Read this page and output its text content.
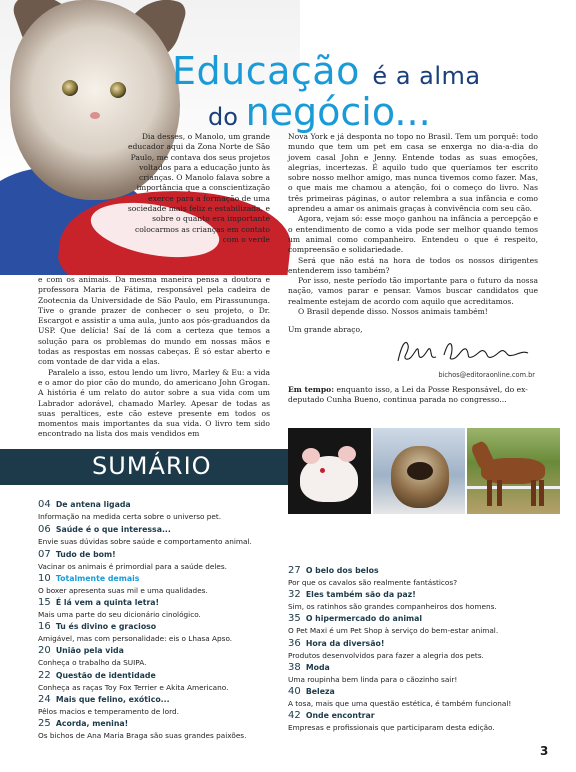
Educação é a alma
do negócio...
Dia desses, o Manolo, um grande educador aqui da Zona Norte de São Paulo, me contava dos seus projetos voltados para a educação junto às crianças. O Manolo falava sobre a importância que a conscientização exerce para a formação de uma sociedade mais feliz e estabilizada, e sobre o quanto era importante colocarmos as crianças em contato com o verde
e com os animais. Da mesma maneira pensa a doutora e professora Maria de Fátima, responsável pela cadeira de Zootecnia da Universidade de São Paulo, em Pirassununga. Tive o grande prazer de conhecer o seu projeto, o Dr. Escargot e assistir a uma aula, junto aos pós-graduandos da USP. Que delícia! Saí de lá com a certeza que temos a solução para os problemas do mundo em nossas mãos e todas as respostas em nossas cabeças. É só estar aberto e com vontade de dar vida a elas.
Paralelo a isso, estou lendo um livro, Marley & Eu: a vida e o amor do pior cão do mundo, do americano John Grogan. A história é um relato do autor sobre a sua vida com um Labrador adorável, chamado Marley. Apesar de todas as suas peraltices, este cão esteve presente em todos os momentos mais importantes da sua vida. O livro tem sido encontrado na lista dos mais vendidos em
Nova York e já desponta no topo no Brasil. Tem um porquê: todo mundo que tem um pet em casa se enxerga no dia-a-dia do jovem casal John e Jenny. Entende todas as suas emoções, alegrias, incertezas. É aquilo tudo que queríamos ter escrito sobre nosso melhor amigo, mas nunca tivemos como fazer. Mas, o que mais me chamou a atenção, foi o começo do livro. Nas três primeiras páginas, o autor relembra a sua infância e como aprendeu a amar os animais graças à convivência com seu cão.
Agora, vejam só: esse moço ganhou na infância a percepção e o entendimento de como a vida pode ser melhor quando temos um animal como companheiro. Entendeu o que é respeito, compreensão e solidariedade.
Será que não está na hora de todos os nossos dirigentes entenderem isso também?
Por isso, neste período tão importante para o futuro da nossa nação, vamos parar e pensar. Vamos buscar candidatos que realmente estejam de acordo com aquilo que acreditamos.
O Brasil depende disso. Nossos animais também!
Um grande abraço,
bichos@editoraonline.com.br
Em tempo: enquanto isso, a Lei da Posse Responsável, do ex-deputado Cunha Bueno, continua parada no congresso...
SUMÁRIO
04 De antena ligada
Informação na medida certa sobre o universo pet.
06 Saúde é o que interessa...
Envie suas dúvidas sobre saúde e comportamento animal.
07 Tudo de bom!
Vacinar os animais é primordial para a saúde deles.
10 Totalmente demais
O boxer apresenta suas mil e uma qualidades.
15 É lá vem a quinta letra!
Mais uma parte do seu dicionário cinológico.
16 Tu és divino e gracioso
Amigável, mas com personalidade: eis o Lhasa Apso.
20 União pela vida
Conheça o trabalho da SUIPA.
22 Questão de identidade
Conheça as raças Toy Fox Terrier e Akita Americano.
24 Mais que felino, exótico...
Pêlos macios e temperamento de lord.
25 Acorda, menina!
Os bichos de Ana Maria Braga são suas grandes paixões.
27 O belo dos belos
Por que os cavalos são realmente fantásticos?
32 Eles também são da paz!
Sim, os ratinhos são grandes companheiros dos homens.
35 O hipermercado do animal
O Pet Maxi é um Pet Shop à serviço do bem-estar animal.
36 Hora da diversão!
Produtos desenvolvidos para fazer a alegria dos pets.
38 Moda
Uma roupinha bem linda para o cãozinho sair!
40 Beleza
A tosa, mais que uma questão estética, é também funcional!
42 Onde encontrar
Empresas e profissionais que participaram desta edição.
3
